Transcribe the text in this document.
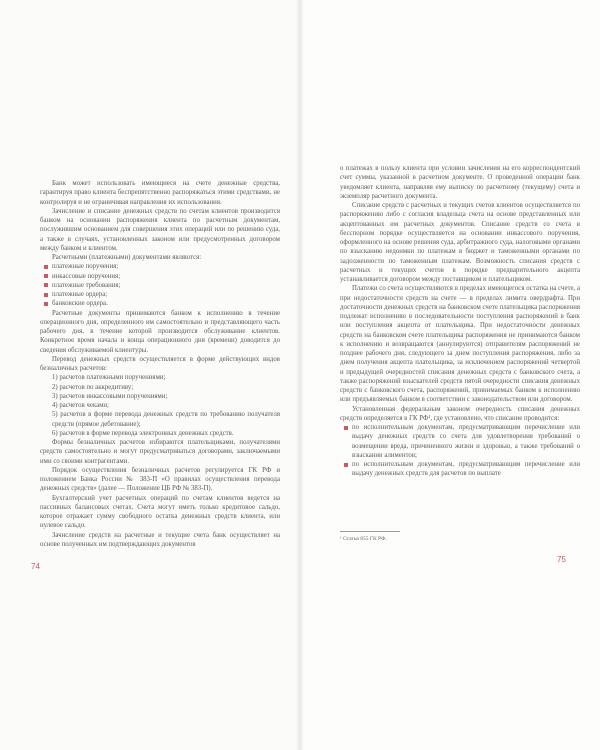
Банк может использовать имеющиеся на счете денежные средства, гарантируя право клиента беспрепятственно распоряжаться этими средствами, не контролируя и не ограничивая направления их использования.

Зачисление и списание денежных средств по счетам клиентов производится банком на основании распоряжения клиента по расчетным документам, послужившим основанием для совершения этих операций или по решению суда, а также в случаях, установленных законом или предусмотренных договором между банком и клиентом.

Расчетными (платежными) документами являются:

платежные поручения;

инкассовые поручения;

платежные требования;

платежные ордера;

банковские ордера.

Расчетные документы принимаются банком к исполнению в течение операционного дня, определенного им самостоятельно и представляющего часть рабочего дня, в течение которой производится обслуживание клиентов. Конкретное время начала и конца операционного дня (времени) доводится до сведения обслуживаемой клиентуры.

Перевод денежных средств осуществляется в форме действующих видов безналичных расчетов:

1) расчетов платежными поручениями;

2) расчетов по аккредитиву;

3) расчетов инкассовыми поручениями;

4) расчетов чеками;

5) расчетов в форме перевода денежных средств по требованию получателя средств (прямое дебетование);

6) расчетов в форме перевода электронных денежных средств.

Формы безналичных расчетов избираются плательщиками, получателями средств самостоятельно и могут предусматриваться договорами, заключаемыми ими со своими контрагентами.

Порядок осуществления безналичных расчетов регулируется ГК РФ и положением Банка России № 383-П «О правилах осуществления перевода денежных средств» (далее — Положение ЦБ РФ № 383-П).

Бухгалтерский учет расчетных операций по счетам клиентов ведется на пассивных балансовых счетах. Счета могут иметь только кредитовое сальдо, которое отражает сумму свободного остатка денежных средств клиента, или нулевое сальдо.

Зачисление средств на расчетные и текущие счета банк осуществляет на основе полученных им подтверждающих документов

74

о платежах в пользу клиента при условии зачисления на его корреспондентский счет суммы, указанной в расчетном документе. О проведенной операции банк уведомляет клиента, направляя ему выписку по расчетному (текущему) счета и экземпляр расчетного документа.

Списание средств с расчетных и текущих счетов клиентов осуществляется по распоряжению либо с согласия владельца счета на основе представленных или акцептованных им расчетных документов. Списание средств со счета в бесспорном порядке осуществляется на основании инкассового поручения, оформленного на основе решения суда, арбитражного суда, налоговыми органами по взысканию недоимки по платежам в бюджет и таможенными органами по задолженности по таможенным платежам. Возможность списания средств с расчетных и текущих счетов в порядке предварительного акцепта устанавливается договором между поставщиком и плательщиком.

Платежи со счета осуществляются в пределах имеющегося остатка на счете, а при недостаточности средств на счете — в пределах лимита овердрафта. При достаточности денежных средств на банковском счете плательщика распоряжения подлежат исполнению в последовательности поступления распоряжений в банк или поступления акцепта от плательщика. При недостаточности денежных средств на банковском счете плательщика распоряжения не принимаются банком к исполнению и возвращаются (аннулируются) отправителям распоряжений не позднее рабочего дня, следующего за днем поступления распоряжения, либо за днем получения акцепта плательщика, за исключением распоряжений четвертой и предыдущей очередностей списания денежных средств с банковского счета, а также распоряжений взыскателей средств пятой очередности списания денежных средств с банковского счета, распоряжений, принимаемых банком к исполнению или предъявляемых банком в соответствии с законодательством или договором.

Установленная федеральным законом очередность списания денежных средств определяется в ГК РФ¹, где установлено, что списание проводится:

по исполнительным документам, предусматривающим перечисление или выдачу денежных средств со счета для удовлетворения требований о возмещении вреда, причиненного жизни и здоровью, а также требований о взыскании алиментов;

по исполнительным документам, предусматривающим перечисление или выдачу денежных средств для расчетов по выплате

¹ Статья 855 ГК РФ.
75
